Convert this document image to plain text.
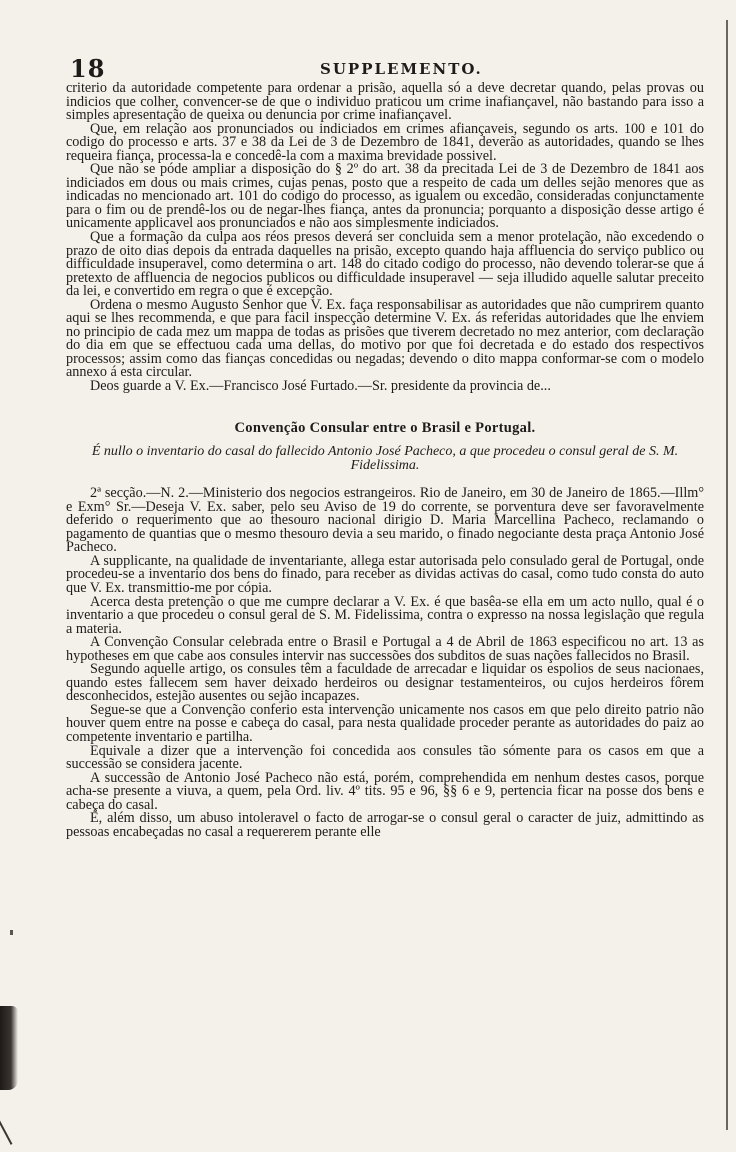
18	SUPPLEMENTO.

criterio da autoridade competente para ordenar a prisão, aquella só a deve decretar quando, pelas provas ou indicios que colher, convencer-se de que o individuo praticou um crime inafiançavel, não bastando para isso a simples apresentação de queixa ou denuncia por crime inafiançavel.

Que, em relação aos pronunciados ou indiciados em crimes afiançaveis, segundo os arts. 100 e 101 do codigo do processo e arts. 37 e 38 da Lei de 3 de Dezembro de 1841, deverão as autoridades, quando se lhes requeira fiança, processa-la e concedê-la com a maxima brevidade possivel.

Que não se póde ampliar a disposição do § 2º do art. 38 da precitada Lei de 3 de Dezembro de 1841 aos indiciados em dous ou mais crimes, cujas penas, posto que a respeito de cada um delles sejão menores que as indicadas no mencionado art. 101 do codigo do processo, as igualem ou excedão, consideradas conjunctamente para o fim ou de prendê-los ou de negar-lhes fiança, antes da pronuncia; porquanto a disposição desse artigo é unicamente applicavel aos pronunciados e não aos simplesmente indiciados.

Que a formação da culpa aos réos presos deverá ser concluida sem a menor protelação, não excedendo o prazo de oito dias depois da entrada daquelles na prisão, excepto quando haja affluencia do serviço publico ou difficuldade insuperavel, como determina o art. 148 do citado codigo do processo, não devendo tolerar-se que á pretexto de affluencia de negocios publicos ou difficuldade insuperavel — seja illudido aquelle salutar preceito da lei, e convertido em regra o que é excepção.

Ordena o mesmo Augusto Senhor que V. Ex. faça responsabilisar as autoridades que não cumprirem quanto aqui se lhes recommenda, e que para facil inspecção determine V. Ex. ás referidas autoridades que lhe enviem no principio de cada mez um mappa de todas as prisões que tiverem decretado no mez anterior, com declaração do dia em que se effectuou cada uma dellas, do motivo por que foi decretada e do estado dos respectivos processos; assim como das fianças concedidas ou negadas; devendo o dito mappa conformar-se com o modelo annexo á esta circular.

Deos guarde a V. Ex.—Francisco José Furtado.—Sr. presidente da provincia de...

Convenção Consular entre o Brasil e Portugal.
É nullo o inventario do casal do fallecido Antonio José Pacheco, a que procedeu o consul geral de S. M. Fidelissima.

2ª secção.—N. 2.—Ministerio dos negocios estrangeiros. Rio de Janeiro, em 30 de Janeiro de 1865.—Illm° e Exm° Sr.—Deseja V. Ex. saber, pelo seu Aviso de 19 do corrente, se porventura deve ser favoravelmente deferido o requerimento que ao thesouro nacional dirigio D. Maria Marcellina Pacheco, reclamando o pagamento de quantias que o mesmo thesouro devia a seu marido, o finado negociante desta praça Antonio José Pacheco.

A supplicante, na qualidade de inventariante, allega estar autorisada pelo consulado geral de Portugal, onde procedeu-se a inventario dos bens do finado, para receber as dividas activas do casal, como tudo consta do auto que V. Ex. transmittio-me por cópia.

Acerca desta pretenção o que me cumpre declarar a V. Ex. é que basêa-se ella em um acto nullo, qual é o inventario a que procedeu o consul geral de S. M. Fidelissima, contra o expresso na nossa legislação que regula a materia.

A Convenção Consular celebrada entre o Brasil e Portugal a 4 de Abril de 1863 especificou no art. 13 as hypotheses em que cabe aos consules intervir nas successões dos subditos de suas nações fallecidos no Brasil.

Segundo aquelle artigo, os consules têm a faculdade de arrecadar e liquidar os espolios de seus nacionaes, quando estes fallecem sem haver deixado herdeiros ou designar testamenteiros, ou cujos herdeiros fôrem desconhecidos, estejão ausentes ou sejão incapazes.

Segue-se que a Convenção conferio esta intervenção unicamente nos casos em que pelo direito patrio não houver quem entre na posse e cabeça do casal, para nesta qualidade proceder perante as autoridades do paiz ao competente inventario e partilha.

Equivale a dizer que a intervenção foi concedida aos consules tão sómente para os casos em que a successão se considera jacente.

A successão de Antonio José Pacheco não está, porém, comprehendida em nenhum destes casos, porque acha-se presente a viuva, a quem, pela Ord. liv. 4º tits. 95 e 96, §§ 6 e 9, pertencia ficar na posse dos bens e cabeça do casal.

É, além disso, um abuso intoleravel o facto de arrogar-se o consul geral o caracter de juiz, admittindo as pessoas encabeçadas no casal a requererem perante elle
